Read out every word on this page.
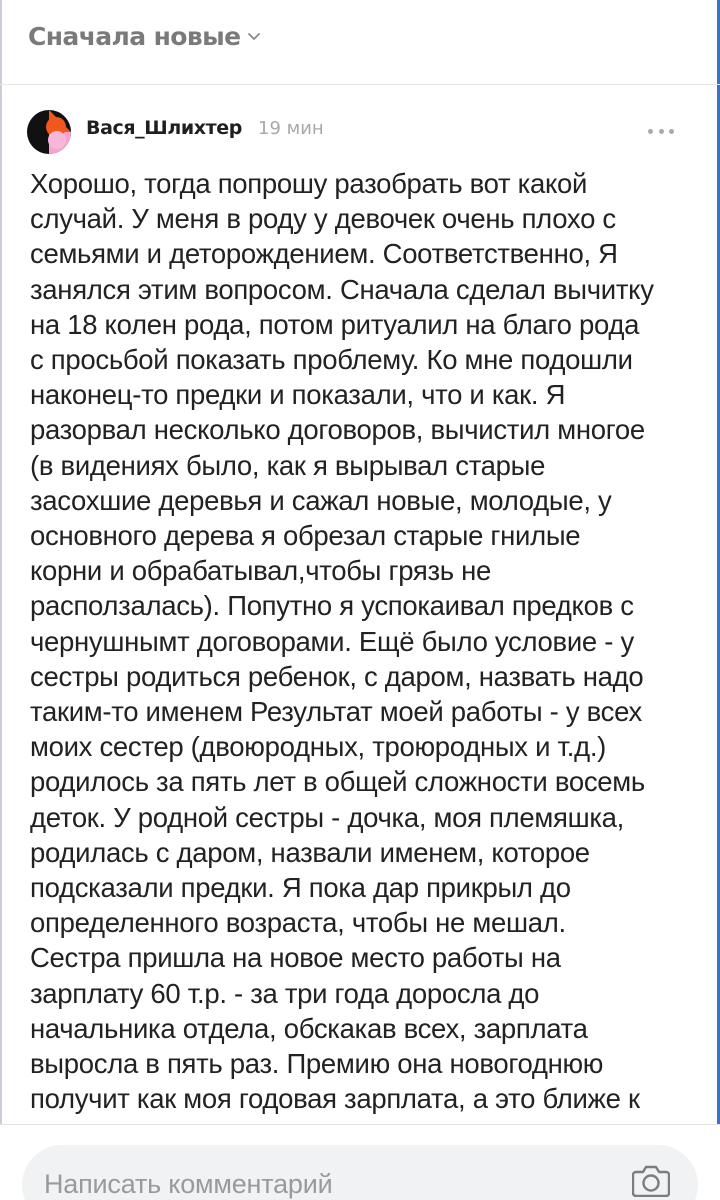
Сначала новые
Вася_Шлихтер 19 мин
Хорошо, тогда попрошу разобрать вот какой
случай. У меня в роду у девочек очень плохо с
семьями и деторождением. Соответственно, Я
занялся этим вопросом. Сначала сделал вычитку
на 18 колен рода, потом ритуалил на благо рода
с просьбой показать проблему. Ко мне подошли
наконец-то предки и показали, что и как. Я
разорвал несколько договоров, вычистил многое
(в видениях было, как я вырывал старые
засохшие деревья и сажал новые, молодые, у
основного дерева я обрезал старые гнилые
корни и обрабатывал,чтобы грязь не
расползалась). Попутно я успокаивал предков с
чернушнымт договорами. Ещё было условие - у
сестры родиться ребенок, с даром, назвать надо
таким-то именем Результат моей работы - у всех
моих сестер (двоюродных, троюродных и т.д.)
родилось за пять лет в общей сложности восемь
деток. У родной сестры - дочка, моя племяшка,
родилась с даром, назвали именем, которое
подсказали предки. Я пока дар прикрыл до
определенного возраста, чтобы не мешал.
Сестра пришла на новое место работы на
зарплату 60 т.р. - за три года доросла до
начальника отдела, обскакав всех, зарплата
выросла в пять раз. Премию она новогоднюю
получит как моя годовая зарплата, а это ближе к
Написать комментарий
